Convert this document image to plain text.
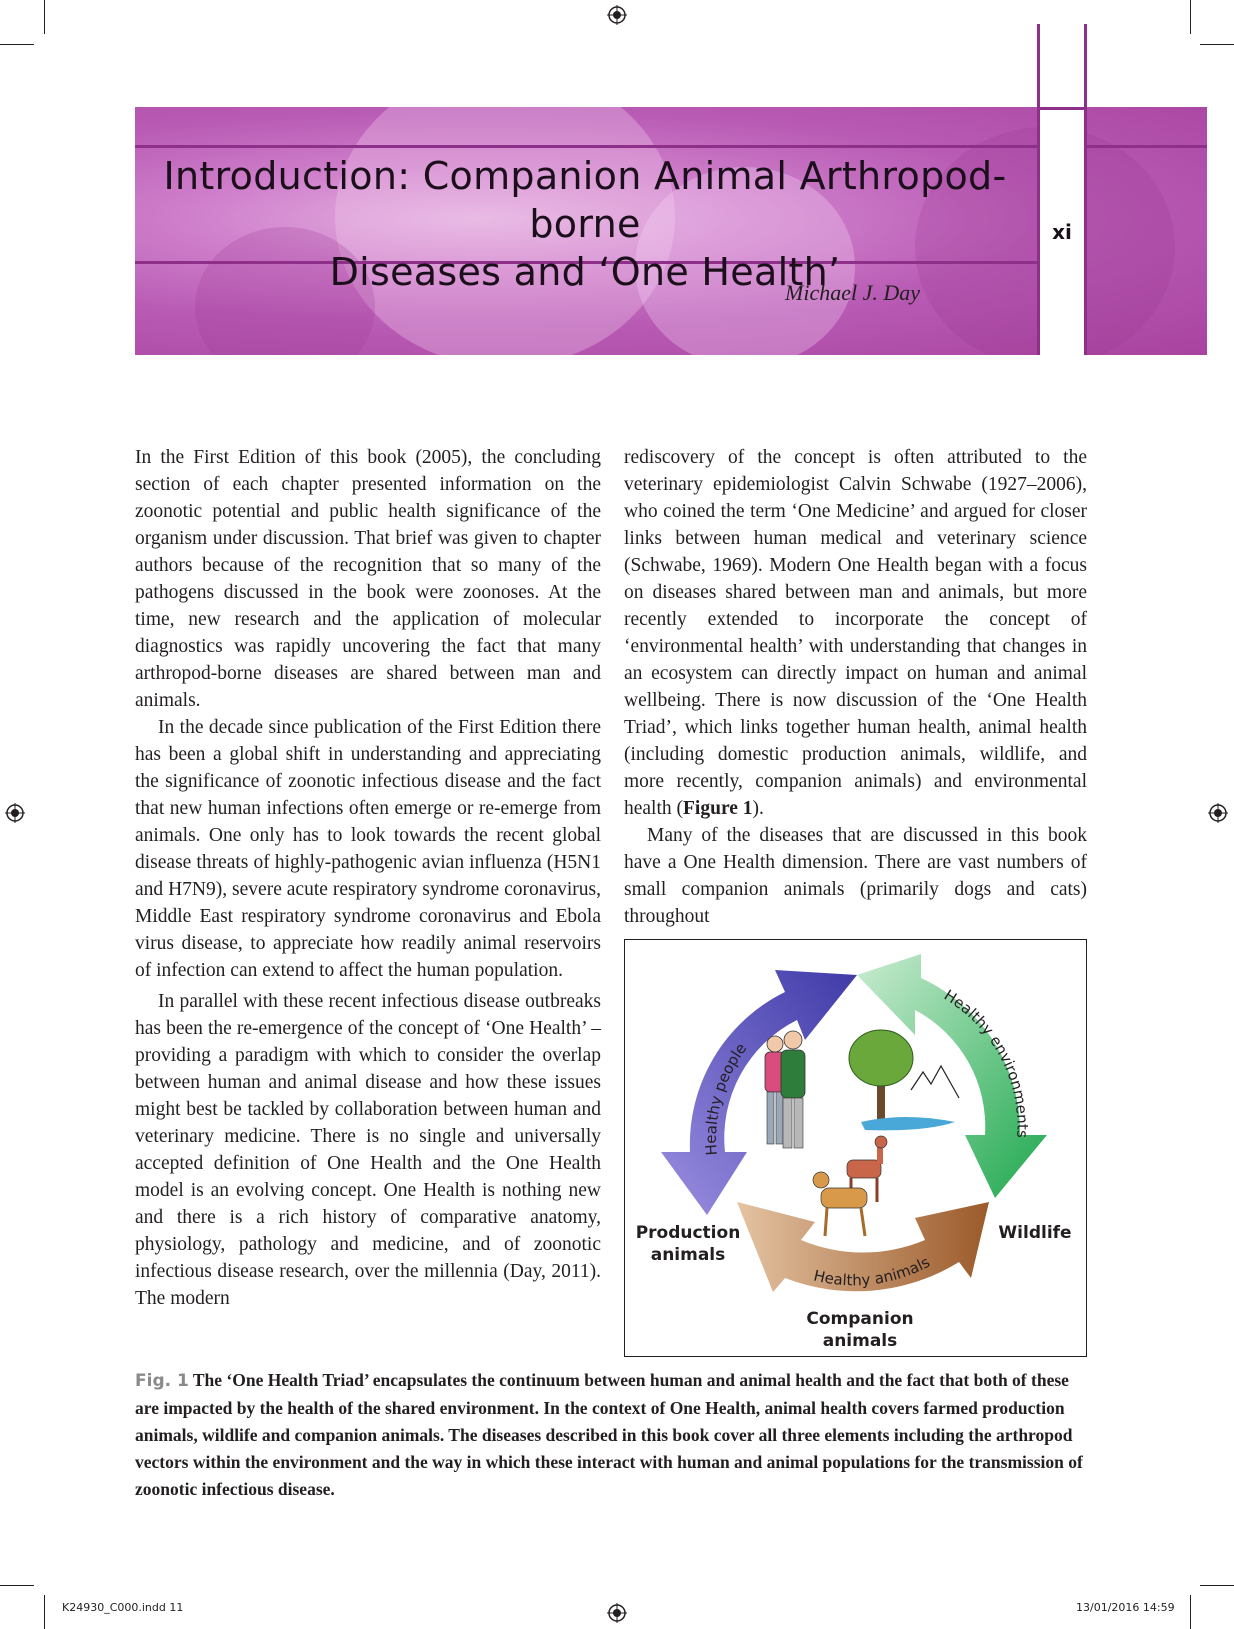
Introduction: Companion Animal Arthropod-borne
Diseases and ‘One Health’
xi
Michael J. Day

In the First Edition of this book (2005), the concluding section of each chapter presented information on the zoonotic potential and public health significance of the organism under discussion. That brief was given to chapter authors because of the recognition that so many of the pathogens discussed in the book were zoonoses. At the time, new research and the application of molecular diagnostics was rapidly uncovering the fact that many arthropod-borne diseases are shared between man and animals.

In the decade since publication of the First Edition there has been a global shift in understanding and appreciating the significance of zoonotic infectious disease and the fact that new human infections often emerge or re-emerge from animals. One only has to look towards the recent global disease threats of highly-pathogenic avian influenza (H5N1 and H7N9), severe acute respiratory syndrome coronavirus, Middle East respiratory syndrome coronavirus and Ebola virus disease, to appreciate how readily animal reservoirs of infection can extend to affect the human population.

In parallel with these recent infectious disease outbreaks has been the re-emergence of the concept of ‘One Health’ – providing a paradigm with which to consider the overlap between human and animal disease and how these issues might best be tackled by collaboration between human and veterinary medicine. There is no single and universally accepted definition of One Health and the One Health model is an evolving concept. One Health is nothing new and there is a rich history of comparative anatomy, physiology, pathology and medicine, and of zoonotic infectious disease research, over the millennia (Day, 2011). The modern

rediscovery of the concept is often attributed to the veterinary epidemiologist Calvin Schwabe (1927–2006), who coined the term ‘One Medicine’ and argued for closer links between human medical and veterinary science (Schwabe, 1969). Modern One Health began with a focus on diseases shared between man and animals, but more recently extended to incorporate the concept of ‘environmental health’ with understanding that changes in an ecosystem can directly impact on human and animal wellbeing. There is now discussion of the ‘One Health Triad’, which links together human health, animal health (including domestic production animals, wildlife, and more recently, companion animals) and environmental health (Figure 1).

Many of the diseases that are discussed in this book have a One Health dimension. There are vast numbers of small companion animals (primarily dogs and cats) throughout

Healthy people
Healthy environments
Healthy animals
Production
animals
Wildlife
Companion
animals
Fig. 1 The ‘One Health Triad’ encapsulates the continuum between human and animal health and the fact that both of these are impacted by the health of the shared environment. In the context of One Health, animal health covers farmed production animals, wildlife and companion animals. The diseases described in this book cover all three elements including the arthropod vectors within the environment and the way in which these interact with human and animal populations for the transmission of zoonotic infectious disease.
K24930_C000.indd 11	13/01/2016 14:59
